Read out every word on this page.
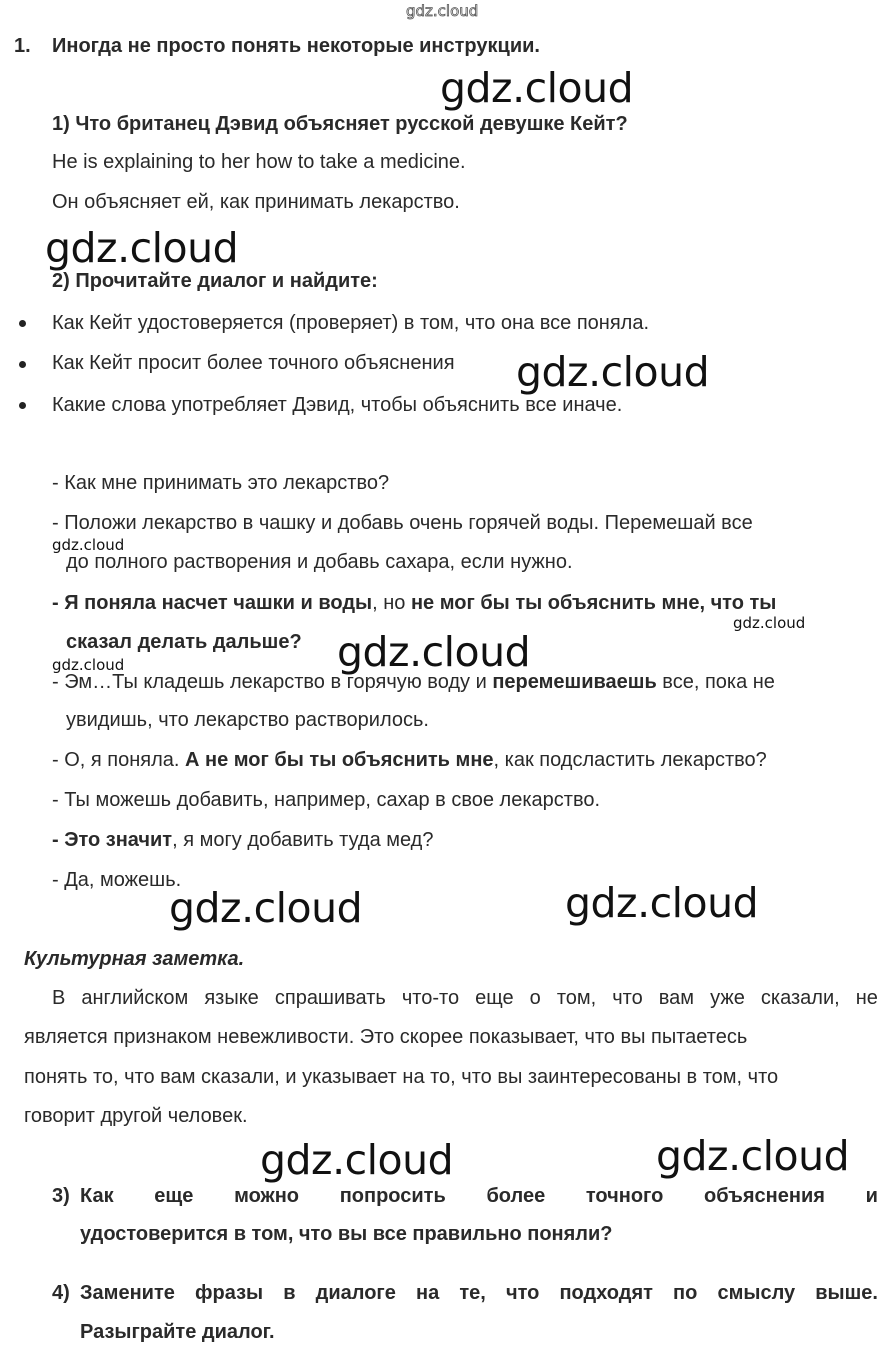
gdz.cloud
1. Иногда не просто понять некоторые инструкции.
gdz.cloud
1) Что британец Дэвид объясняет русской девушке Кейт?
He is explaining to her how to take a medicine.
Он объясняет ей, как принимать лекарство.
gdz.cloud
2) Прочитайте диалог и найдите:
Как Кейт удостоверяется (проверяет) в том, что она все поняла.
Как Кейт просит более точного объяснения
Какие слова употребляет Дэвид, чтобы объяснить все иначе.
gdz.cloud
- Как мне принимать это лекарство?
- Положи лекарство в чашку и добавь очень горячей воды. Перемешай все
gdz.cloud
до полного растворения и добавь сахара, если нужно.
- Я поняла насчет чашки и воды, но не мог бы ты объяснить мне, что ты
сказал делать дальше?
gdz.cloud
gdz.cloud
gdz.cloud
- Эм…Ты кладешь лекарство в горячую воду и перемешиваешь все, пока не
увидишь, что лекарство растворилось.
- О, я поняла. А не мог бы ты объяснить мне, как подсластить лекарство?
- Ты можешь добавить, например, сахар в свое лекарство.
- Это значит, я могу добавить туда мед?
- Да, можешь.
gdz.cloud	gdz.cloud
Культурная заметка.
В английском языке спрашивать что-то еще о том, что вам уже сказали, не
является признаком невежливости. Это скорее показывает, что вы пытаетесь
понять то, что вам сказали, и указывает на то, что вы заинтересованы в том, что
говорит другой человек.
gdz.cloud	gdz.cloud
3) Как еще можно попросить более точного объяснения и
удостоверится в том, что вы все правильно поняли?
4) Замените фразы в диалоге на те, что подходят по смыслу выше.
Разыграйте диалог.
